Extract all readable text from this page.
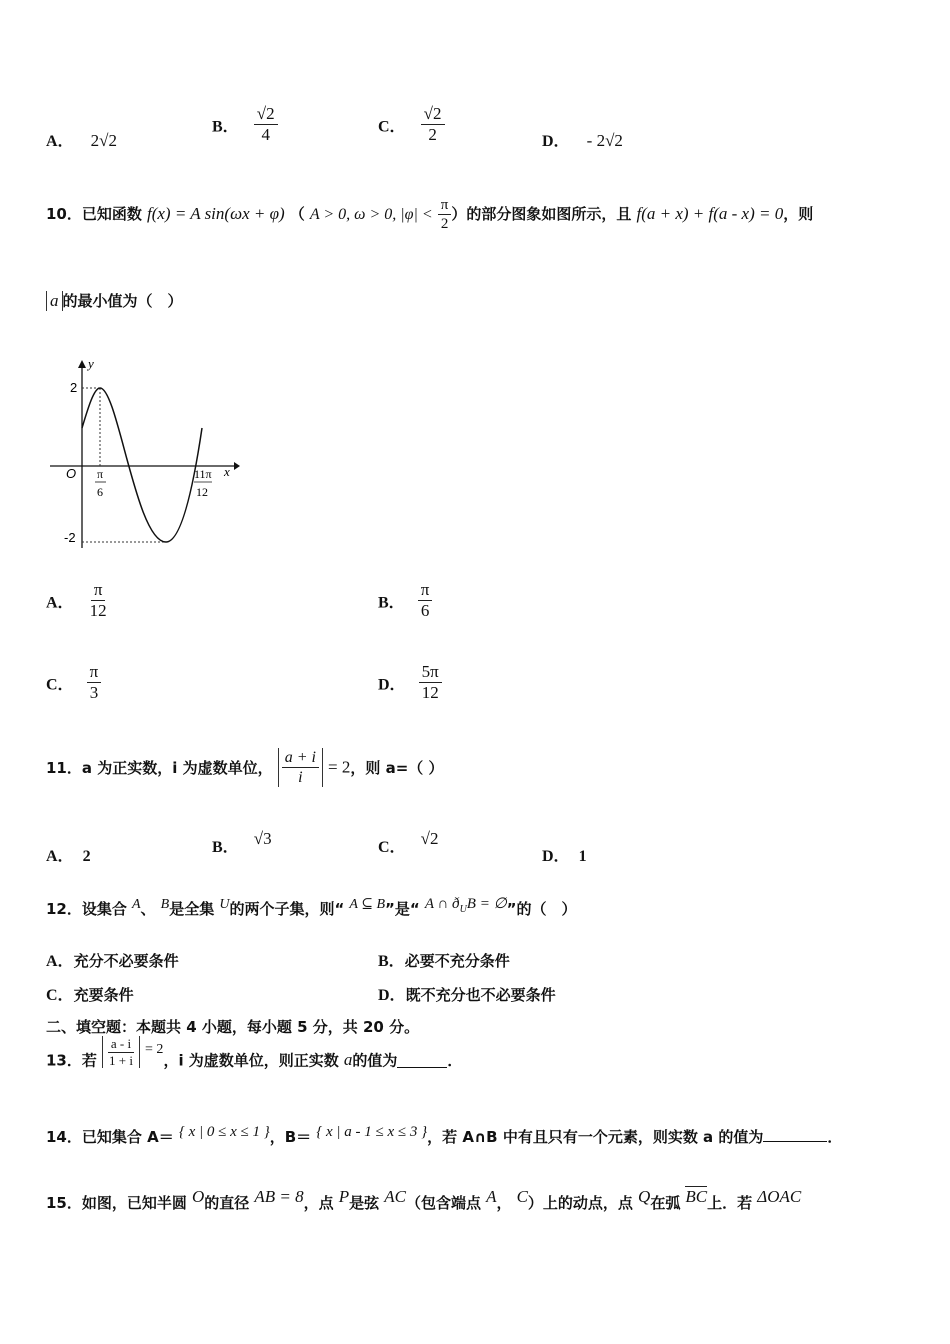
A． 2√2
B． $\frac{√2}{4}$	C． $\frac{√2}{2}$	D． - 2√2
10．已知函数 f(x) = A sin(ωx + φ) （ A > 0, ω > 0, $|\varphi| < \frac{\pi}{2}$ ）的部分图象如图所示，且 f(a + x) + f(a - x) = 0，则
a 的最小值为（　）
y
x
O
2
-2
π
6
11π
12
A． $\frac{\pi}{12}$	B． $\frac{\pi}{6}$
C． $\frac{\pi}{3}$	D． $\frac{5\pi}{12}$
11．a 为正实数，i 为虚数单位， $\frac{a + i}{i} = 2$，则 a=（ ）
A． 2
B． √3	C． √2
D． 1
12．设集合 A、 B是全集 U的两个子集，则“ A ⊆ B”是“ A ∩ $ð_UB$ = ∅”的（　）
A．充分不必要条件	B．必要不充分条件
C．充要条件	D．既不充分也不必要条件
二、填空题：本题共 4 小题，每小题 5 分，共 20 分。
13．若 $\frac{a - i}{1 + i} = 2$，i 为虚数单位，则正实数 a的值为	．
14．已知集合 A＝ { x | 0 ≤ x ≤ 1 }，B＝ { x | a - 1 ≤ x ≤ 3 }，若 A∩B 中有且只有一个元素，则实数 a 的值为	．
15．如图，已知半圆 O的直径 AB = 8，点 P是弦 AC（包含端点 A， C）上的动点，点 Q在弧 BC上．若 ΔOAC
